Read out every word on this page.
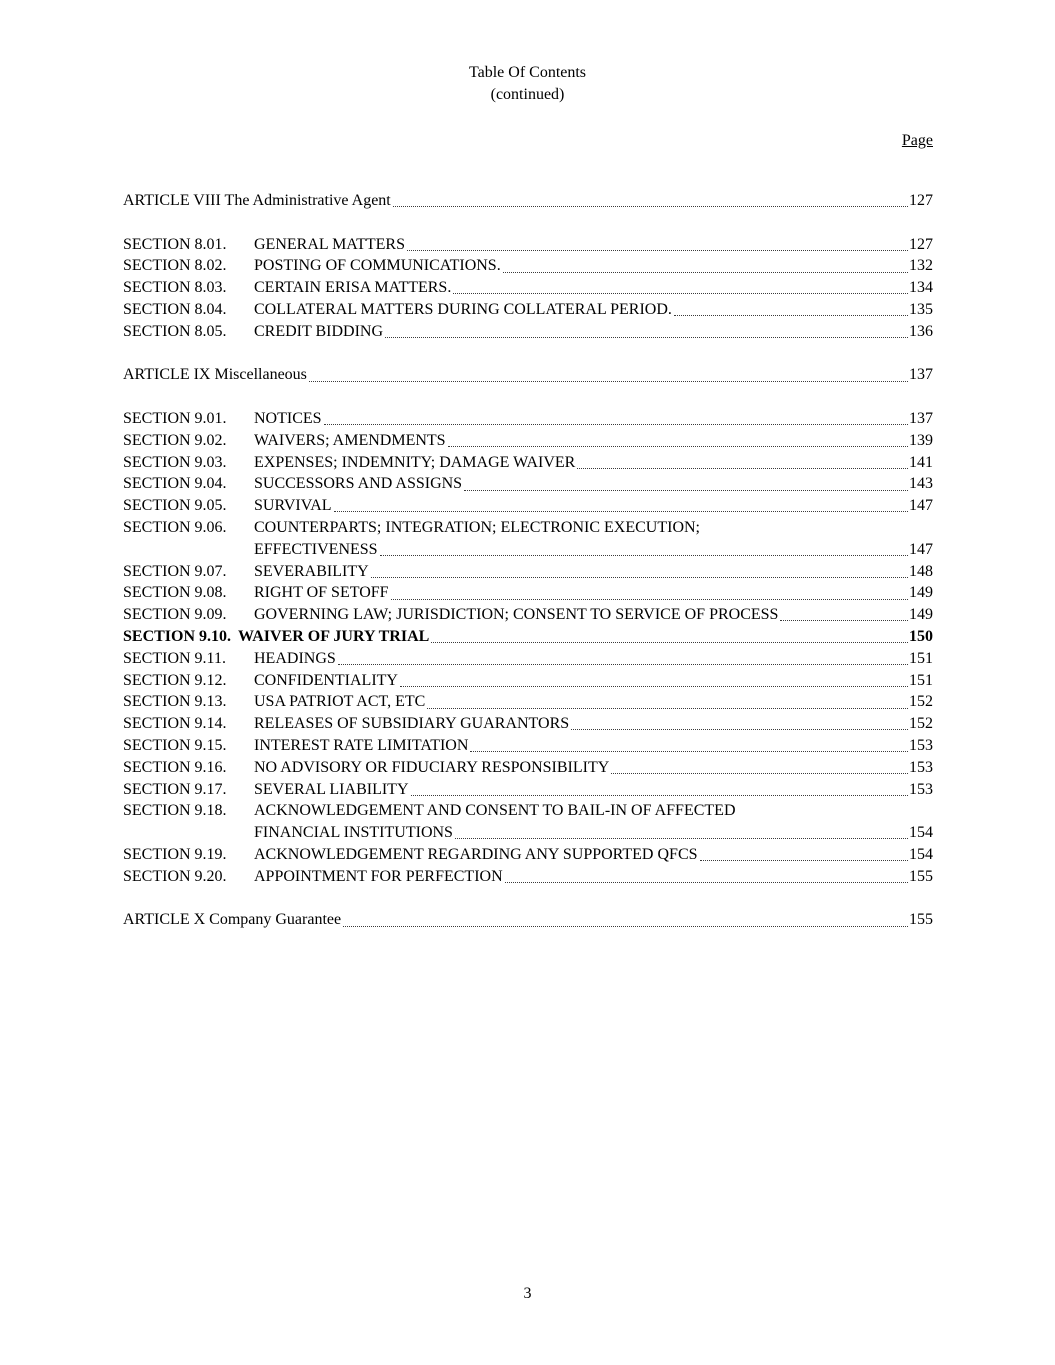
Table Of Contents
(continued)
Page
ARTICLE VIII The Administrative Agent	127
SECTION 8.01.	GENERAL MATTERS	127
SECTION 8.02.	POSTING OF COMMUNICATIONS.	132
SECTION 8.03.	CERTAIN ERISA MATTERS.	134
SECTION 8.04.	COLLATERAL MATTERS DURING COLLATERAL PERIOD.	135
SECTION 8.05.	CREDIT BIDDING	136
ARTICLE IX Miscellaneous	137
SECTION 9.01.	NOTICES	137
SECTION 9.02.	WAIVERS; AMENDMENTS	139
SECTION 9.03.	EXPENSES; INDEMNITY; DAMAGE WAIVER	141
SECTION 9.04.	SUCCESSORS AND ASSIGNS	143
SECTION 9.05.	SURVIVAL	147
SECTION 9.06.	COUNTERPARTS; INTEGRATION; ELECTRONIC EXECUTION;
EFFECTIVENESS	147
SECTION 9.07.	SEVERABILITY	148
SECTION 9.08.	RIGHT OF SETOFF	149
SECTION 9.09.	GOVERNING LAW; JURISDICTION; CONSENT TO SERVICE OF PROCESS	149
SECTION 9.10. WAIVER OF JURY TRIAL	150
SECTION 9.11.	HEADINGS	151
SECTION 9.12.	CONFIDENTIALITY	151
SECTION 9.13.	USA PATRIOT ACT, ETC	152
SECTION 9.14.	RELEASES OF SUBSIDIARY GUARANTORS	152
SECTION 9.15.	INTEREST RATE LIMITATION	153
SECTION 9.16.	NO ADVISORY OR FIDUCIARY RESPONSIBILITY	153
SECTION 9.17.	SEVERAL LIABILITY	153
SECTION 9.18.	ACKNOWLEDGEMENT AND CONSENT TO BAIL-IN OF AFFECTED
FINANCIAL INSTITUTIONS	154
SECTION 9.19.	ACKNOWLEDGEMENT REGARDING ANY SUPPORTED QFCS	154
SECTION 9.20.	APPOINTMENT FOR PERFECTION	155
ARTICLE X Company Guarantee	155
3
